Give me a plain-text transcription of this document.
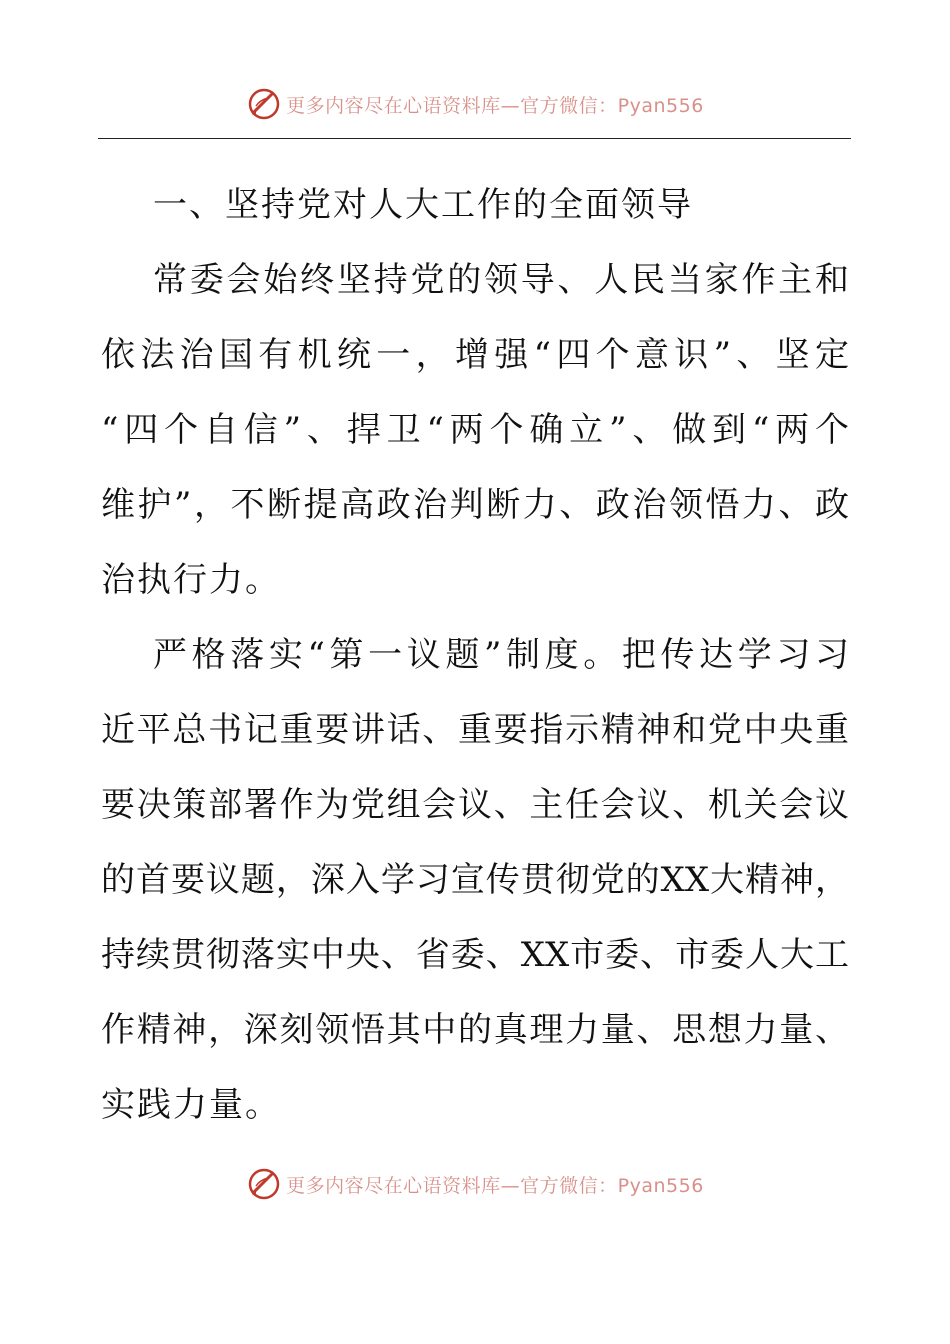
更多内容尽在心语资料库—官方微信：Pyan556
一、坚持党对人大工作的全面领导

常委会始终坚持党的领导、人民当家作主和
依法治国有机统一，增强“四个意识”、坚定
“四个自信”、捍卫“两个确立”、做到“两个
维护”，不断提高政治判断力、政治领悟力、政
治执行力。

严格落实“第一议题”制度。把传达学习习
近平总书记重要讲话、重要指示精神和党中央重
要决策部署作为党组会议、主任会议、机关会议
的首要议题，深入学习宣传贯彻党的XX大精神，
持续贯彻落实中央、省委、XX市委、市委人大工
作精神，深刻领悟其中的真理力量、思想力量、
实践力量。

更多内容尽在心语资料库—官方微信：Pyan556
